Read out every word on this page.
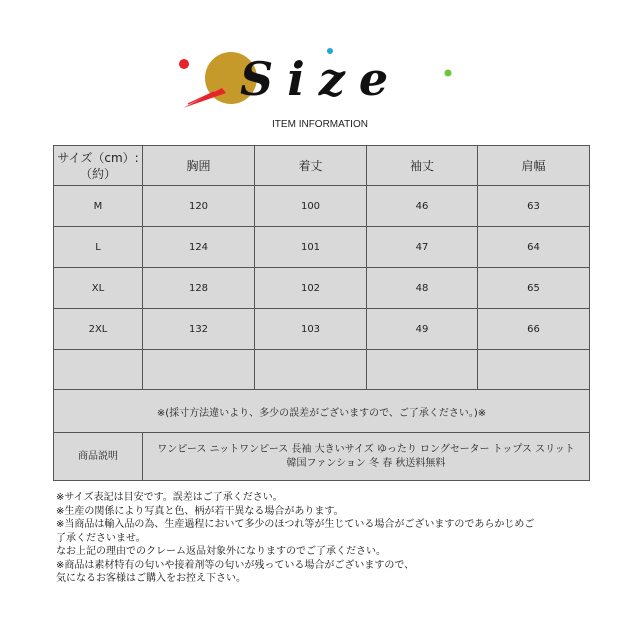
Size
ITEM INFORMATION
サイズ（cm）:
（約）	胸囲	着丈	袖丈	肩幅
M	120	100	46	63
L	124	101	47	64
XL	128	102	48	65
2XL	132	103	49	66

※(採寸方法違いより、多少の誤差がございますので、ご了承ください。)※				
商品説明	ワンピース ニットワンピース 長袖 大きいサイズ ゆったり ロングセーター トップス スリット
韓国ファンション 冬 春 秋送料無料			
※サイズ表記は目安です。誤差はご了承ください。
※生産の関係により写真と色、柄が若干異なる場合があります。
※当商品は輸入品の為、生産過程において多少のほつれ等が生じている場合がございますのであらかじめご
了承くださいませ。
なお上記の理由でのクレーム返品対象外になりますのでご了承ください。
※商品は素材特有の匂いや接着剤等の匂いが残っている場合がございますので、
気になるお客様はご購入をお控え下さい。
